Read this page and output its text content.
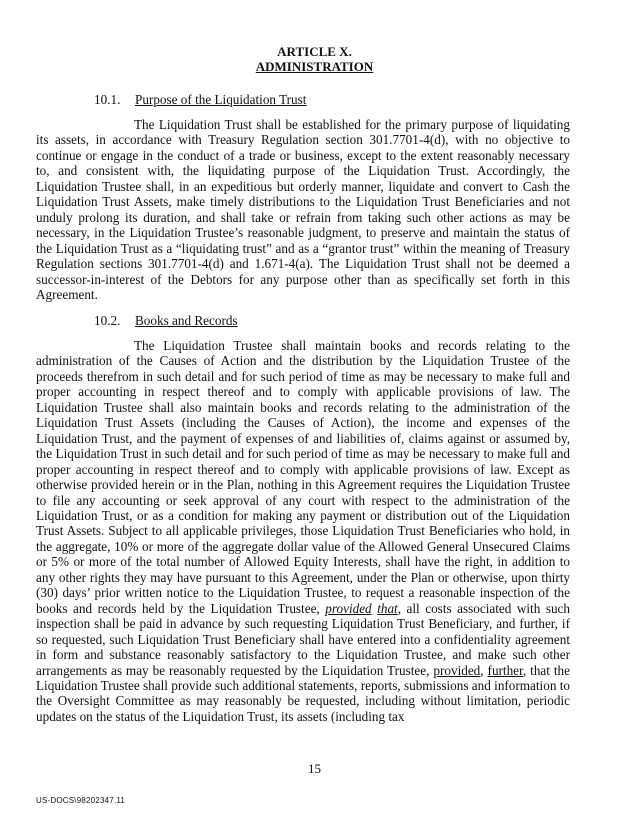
ARTICLE X.
ADMINISTRATION
10.1. Purpose of the Liquidation Trust
The Liquidation Trust shall be established for the primary purpose of liquidating its assets, in accordance with Treasury Regulation section 301.7701-4(d), with no objective to continue or engage in the conduct of a trade or business, except to the extent reasonably necessary to, and consistent with, the liquidating purpose of the Liquidation Trust. Accordingly, the Liquidation Trustee shall, in an expeditious but orderly manner, liquidate and convert to Cash the Liquidation Trust Assets, make timely distributions to the Liquidation Trust Beneficiaries and not unduly prolong its duration, and shall take or refrain from taking such other actions as may be necessary, in the Liquidation Trustee’s reasonable judgment, to preserve and maintain the status of the Liquidation Trust as a “liquidating trust” and as a “grantor trust” within the meaning of Treasury Regulation sections 301.7701-4(d) and 1.671-4(a). The Liquidation Trust shall not be deemed a successor-in-interest of the Debtors for any purpose other than as specifically set forth in this Agreement.
10.2. Books and Records
The Liquidation Trustee shall maintain books and records relating to the administration of the Causes of Action and the distribution by the Liquidation Trustee of the proceeds therefrom in such detail and for such period of time as may be necessary to make full and proper accounting in respect thereof and to comply with applicable provisions of law. The Liquidation Trustee shall also maintain books and records relating to the administration of the Liquidation Trust Assets (including the Causes of Action), the income and expenses of the Liquidation Trust, and the payment of expenses of and liabilities of, claims against or assumed by, the Liquidation Trust in such detail and for such period of time as may be necessary to make full and proper accounting in respect thereof and to comply with applicable provisions of law. Except as otherwise provided herein or in the Plan, nothing in this Agreement requires the Liquidation Trustee to file any accounting or seek approval of any court with respect to the administration of the Liquidation Trust, or as a condition for making any payment or distribution out of the Liquidation Trust Assets. Subject to all applicable privileges, those Liquidation Trust Beneficiaries who hold, in the aggregate, 10% or more of the aggregate dollar value of the Allowed General Unsecured Claims or 5% or more of the total number of Allowed Equity Interests, shall have the right, in addition to any other rights they may have pursuant to this Agreement, under the Plan or otherwise, upon thirty (30) days’ prior written notice to the Liquidation Trustee, to request a reasonable inspection of the books and records held by the Liquidation Trustee, provided that, all costs associated with such inspection shall be paid in advance by such requesting Liquidation Trust Beneficiary, and further, if so requested, such Liquidation Trust Beneficiary shall have entered into a confidentiality agreement in form and substance reasonably satisfactory to the Liquidation Trustee, and make such other arrangements as may be reasonably requested by the Liquidation Trustee, provided, further, that the Liquidation Trustee shall provide such additional statements, reports, submissions and information to the Oversight Committee as may reasonably be requested, including without limitation, periodic updates on the status of the Liquidation Trust, its assets (including tax
15
US-DOCS\98202347.11
